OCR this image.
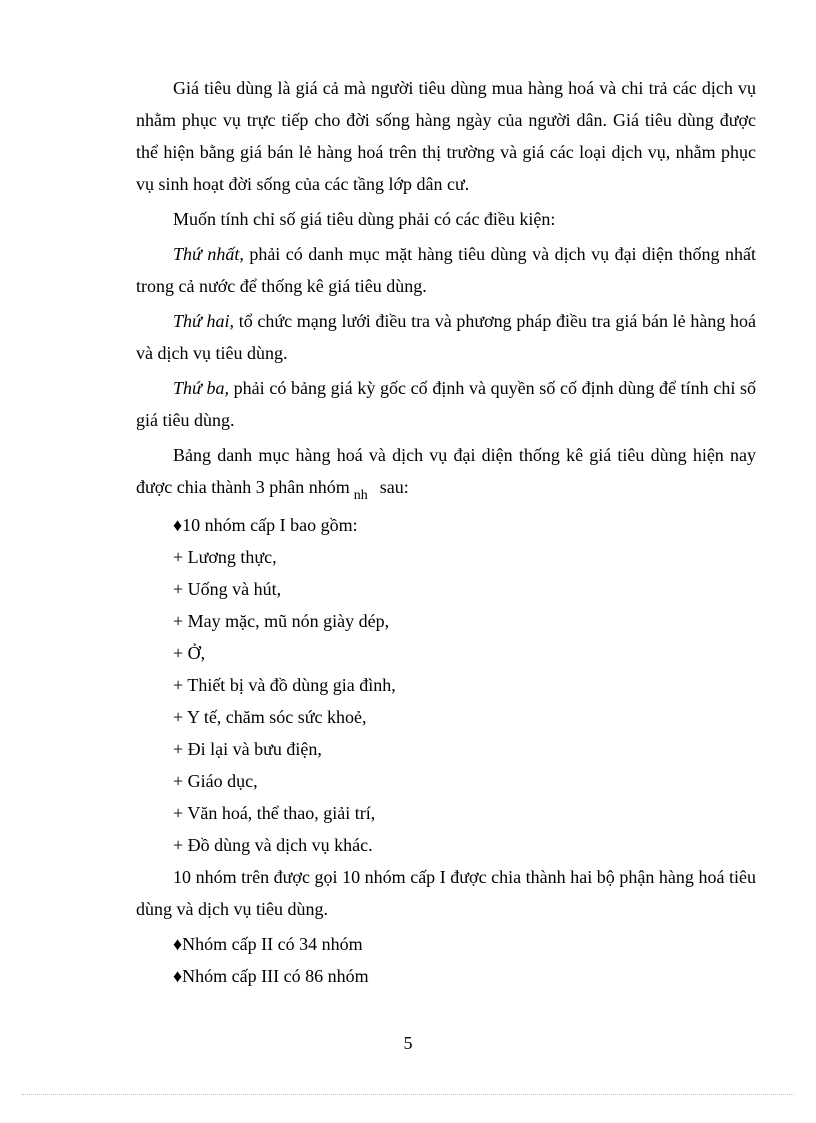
Giá tiêu dùng là giá cả mà người tiêu dùng mua hàng hoá và chi trả các dịch vụ nhằm phục vụ trực tiếp cho đời sống hàng ngày của người dân. Giá tiêu dùng được thể hiện bằng giá bán lẻ hàng hoá trên thị trường và giá các loại dịch vụ, nhằm phục vụ sinh hoạt đời sống của các tầng lớp dân cư.

Muốn tính chỉ số giá tiêu dùng phải có các điều kiện:

Thứ nhất, phải có danh mục mặt hàng tiêu dùng và dịch vụ đại diện thống nhất trong cả nước để thống kê giá tiêu dùng.

Thứ hai, tổ chức mạng lưới điều tra và phương pháp điều tra giá bán lẻ hàng hoá và dịch vụ tiêu dùng.

Thứ ba, phải có bảng giá kỳ gốc cố định và quyền số cố định dùng để tính chỉ số giá tiêu dùng.

Bảng danh mục hàng hoá và dịch vụ đại diện thống kê giá tiêu dùng hiện nay được chia thành 3 phân nhóm $_{nh}$ sau:

♦10 nhóm cấp I bao gồm:

+ Lương thực,

+ Uống và hút,

+ May mặc, mũ nón giày dép,

+ Ở,

+ Thiết bị và đồ dùng gia đình,

+ Y tế, chăm sóc sức khoẻ,

+ Đi lại và bưu điện,

+ Giáo dục,

+ Văn hoá, thể thao, giải trí,

+ Đồ dùng và dịch vụ khác.

10 nhóm trên được gọi 10 nhóm cấp I được chia thành hai bộ phận hàng hoá tiêu dùng và dịch vụ tiêu dùng.

♦Nhóm cấp II có 34 nhóm

♦Nhóm cấp III có 86 nhóm

5
